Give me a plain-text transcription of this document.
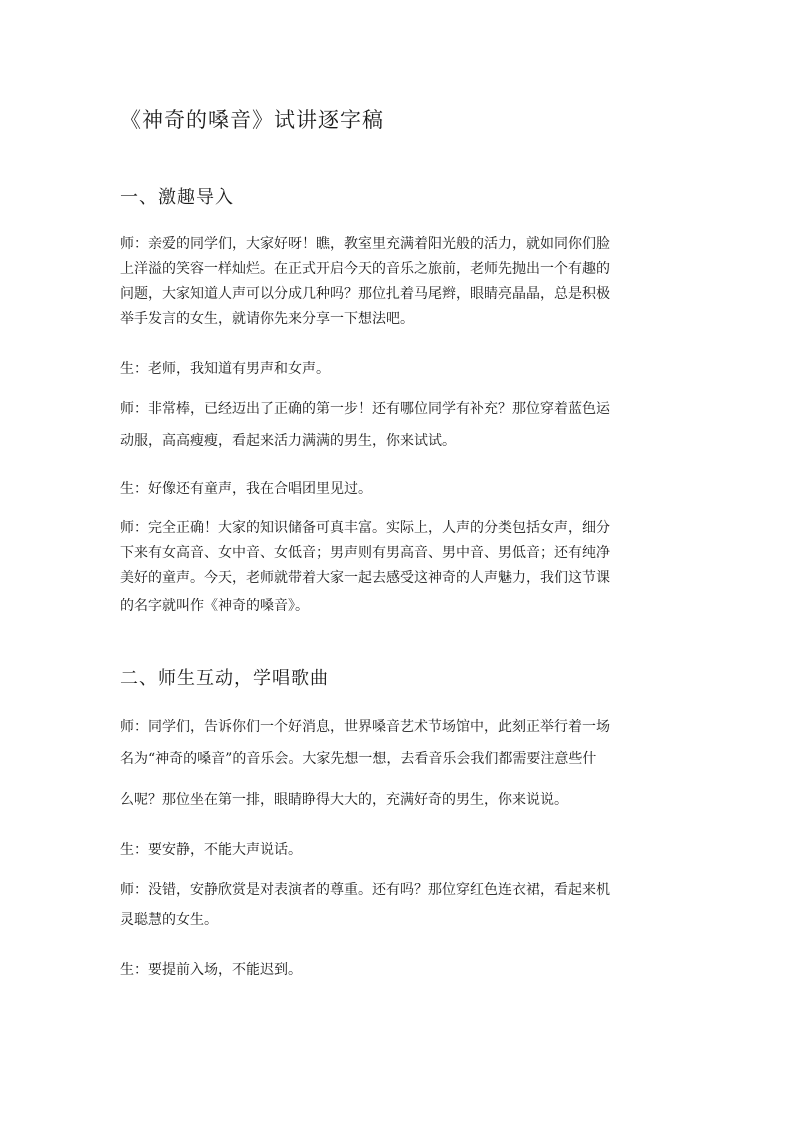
《神奇的嗓音》试讲逐字稿
一、激趣导入
师：亲爱的同学们，大家好呀！瞧，教室里充满着阳光般的活力，就如同你们脸
上洋溢的笑容一样灿烂。在正式开启今天的音乐之旅前，老师先抛出一个有趣的
问题，大家知道人声可以分成几种吗？那位扎着马尾辫，眼睛亮晶晶，总是积极
举手发言的女生，就请你先来分享一下想法吧。
生：老师，我知道有男声和女声。
师：非常棒，已经迈出了正确的第一步！还有哪位同学有补充？那位穿着蓝色运
动服，高高瘦瘦，看起来活力满满的男生，你来试试。
生：好像还有童声，我在合唱团里见过。
师：完全正确！大家的知识储备可真丰富。实际上，人声的分类包括女声，细分
下来有女高音、女中音、女低音；男声则有男高音、男中音、男低音；还有纯净
美好的童声。今天，老师就带着大家一起去感受这神奇的人声魅力，我们这节课
的名字就叫作《神奇的嗓音》。
二、师生互动，学唱歌曲
师：同学们，告诉你们一个好消息，世界嗓音艺术节场馆中，此刻正举行着一场
名为“神奇的嗓音”的音乐会。大家先想一想，去看音乐会我们都需要注意些什
么呢？那位坐在第一排，眼睛睁得大大的，充满好奇的男生，你来说说。
生：要安静，不能大声说话。
师：没错，安静欣赏是对表演者的尊重。还有吗？那位穿红色连衣裙，看起来机
灵聪慧的女生。
生：要提前入场，不能迟到。
